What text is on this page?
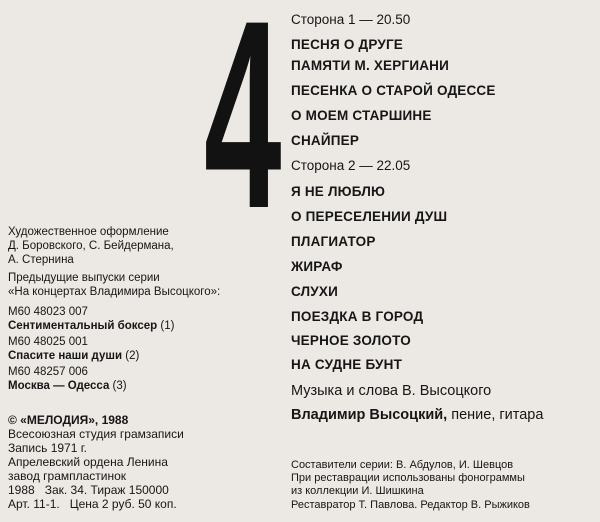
4 Сторона 1 — 20.50
ПЕСНЯ О ДРУГЕ
ПАМЯТИ М. ХЕРГИАНИ
ПЕСЕНКА О СТАРОЙ ОДЕССЕ
О МОЕМ СТАРШИНЕ
СНАЙПЕР
Сторона 2 — 22.05
Я НЕ ЛЮБЛЮ
О ПЕРЕСЕЛЕНИИ ДУШ
ПЛАГИАТОР
ЖИРАФ
СЛУХИ
ПОЕЗДКА В ГОРОД
ЧЕРНОЕ ЗОЛОТО
НА СУДНЕ БУНТ
Музыка и слова В. Высоцкого
Владимир Высоцкий, пение, гитара
Художественное оформление
Д. Боровского, С. Бейдермана,
А. Стернина
Предыдущие выпуски серии
«На концертах Владимира Высоцкого»:
М60 48023 007
Сентиментальный боксер (1)
М60 48025 001
Спасите наши души (2)
М60 48257 006
Москва — Одесса (3)
© «МЕЛОДИЯ», 1988
Всесоюзная студия грамзаписи
Запись 1971 г.
Апрелевский ордена Ленина
завод грампластинок
1988   Зак. 34. Тираж 150000
Арт. 11-1.   Цена 2 руб. 50 коп.
Составители серии: В. Абдулов, И. Шевцов
При реставрации использованы фонограммы
из коллекции И. Шишкина
Реставратор Т. Павлова. Редактор В. Рыжиков
